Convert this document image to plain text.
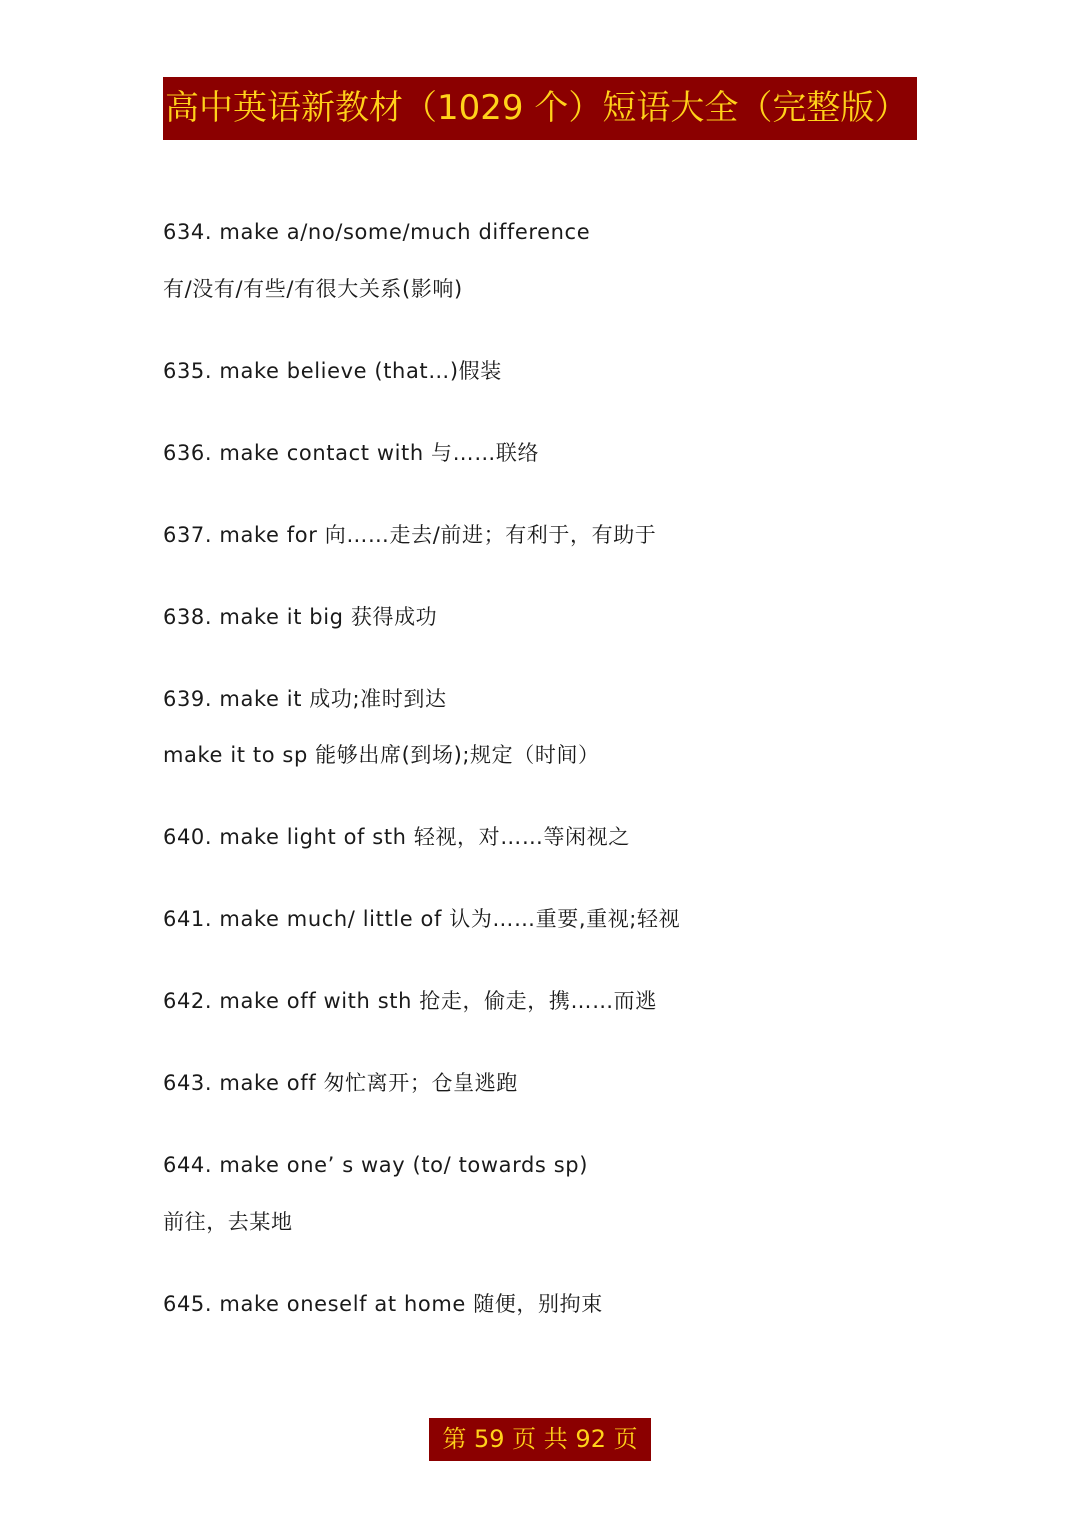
高中英语新教材（1029 个）短语大全（完整版）
634. make a/no/some/much difference
有/没有/有些/有很大关系(影响)
635. make believe (that…)假装
636. make contact with 与……联络
637. make for 向……走去/前进；有利于，有助于
638. make it big 获得成功
639. make it 成功;准时到达
make it to sp 能够出席(到场);规定（时间）
640. make light of sth 轻视，对……等闲视之
641. make much/ little of 认为……重要,重视;轻视
642. make off with sth 抢走，偷走，携……而逃
643. make off 匆忙离开；仓皇逃跑
644. make one’ s way (to/ towards sp)
前往，去某地
645. make oneself at home 随便，别拘束
第 59 页 共 92 页
